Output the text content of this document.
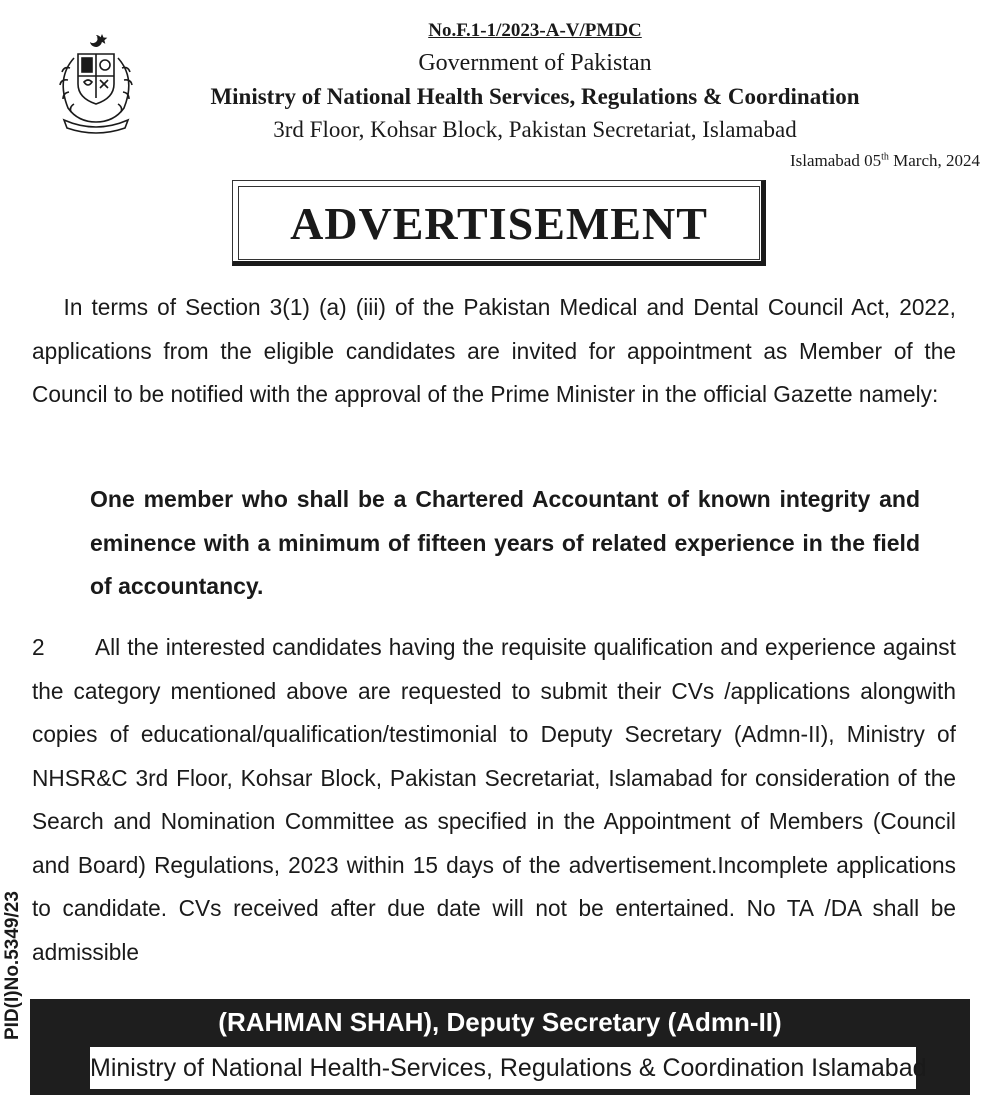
No.F.1-1/2023-A-V/PMDC
Government of Pakistan
Ministry of National Health Services, Regulations & Coordination
3rd Floor, Kohsar Block, Pakistan Secretariat, Islamabad
Islamabad 05th March, 2024
ADVERTISEMENT
In terms of Section 3(1) (a) (iii) of the Pakistan Medical and Dental Council Act, 2022, applications from the eligible candidates are invited for appointment as Member of the Council to be notified with the approval of the Prime Minister in the official Gazette namely:
One member who shall be a Chartered Accountant of known integrity and eminence with a minimum of fifteen years of related experience in the field of accountancy.
2 All the interested candidates having the requisite qualification and experience against the category mentioned above are requested to submit their CVs /applications alongwith copies of educational/qualification/testimonial to Deputy Secretary (Admn-II), Ministry of NHSR&C 3rd Floor, Kohsar Block, Pakistan Secretariat, Islamabad for consideration of the Search and Nomination Committee as specified in the Appointment of Members (Council and Board) Regulations, 2023 within 15 days of the advertisement.Incomplete applications to candidate. CVs received after due date will not be entertained. No TA /DA shall be admissible
PID(I)No.5349/23	(RAHMAN SHAH), Deputy Secretary (Admn-II)
Ministry of National Health-Services, Regulations & Coordination Islamabad
